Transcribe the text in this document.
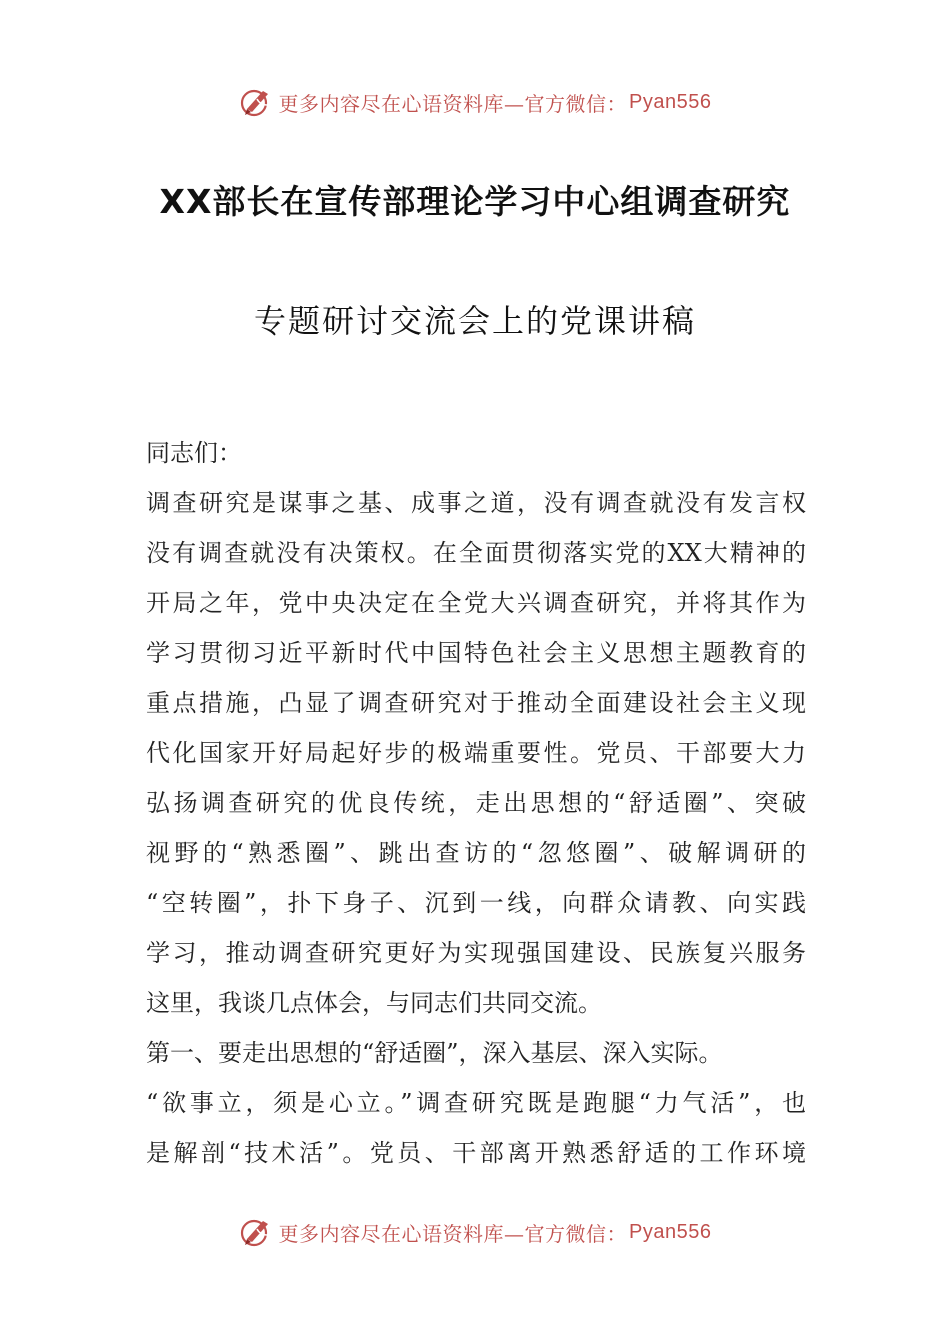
更多内容尽在心语资料库—官方微信： Pyan556
XX部长在宣传部理论学习中心组调查研究
专题研讨交流会上的党课讲稿
同志们：
调查研究是谋事之基、成事之道，没有调查就没有发言权
没有调查就没有决策权。在全面贯彻落实党的XX大精神的
开局之年，党中央决定在全党大兴调查研究，并将其作为
学习贯彻习近平新时代中国特色社会主义思想主题教育的
重点措施，凸显了调查研究对于推动全面建设社会主义现
代化国家开好局起好步的极端重要性。党员、干部要大力
弘扬调查研究的优良传统，走出思想的“舒适圈”、突破
视野的“熟悉圈”、跳出查访的“忽悠圈”、破解调研的
“空转圈”，扑下身子、沉到一线，向群众请教、向实践
学习，推动调查研究更好为实现强国建设、民族复兴服务
这里，我谈几点体会，与同志们共同交流。
第一、要走出思想的“舒适圈”，深入基层、深入实际。
“欲事立，须是心立。”调查研究既是跑腿“力气活”，也
是解剖“技术活”。党员、干部离开熟悉舒适的工作环境
更多内容尽在心语资料库—官方微信： Pyan556
